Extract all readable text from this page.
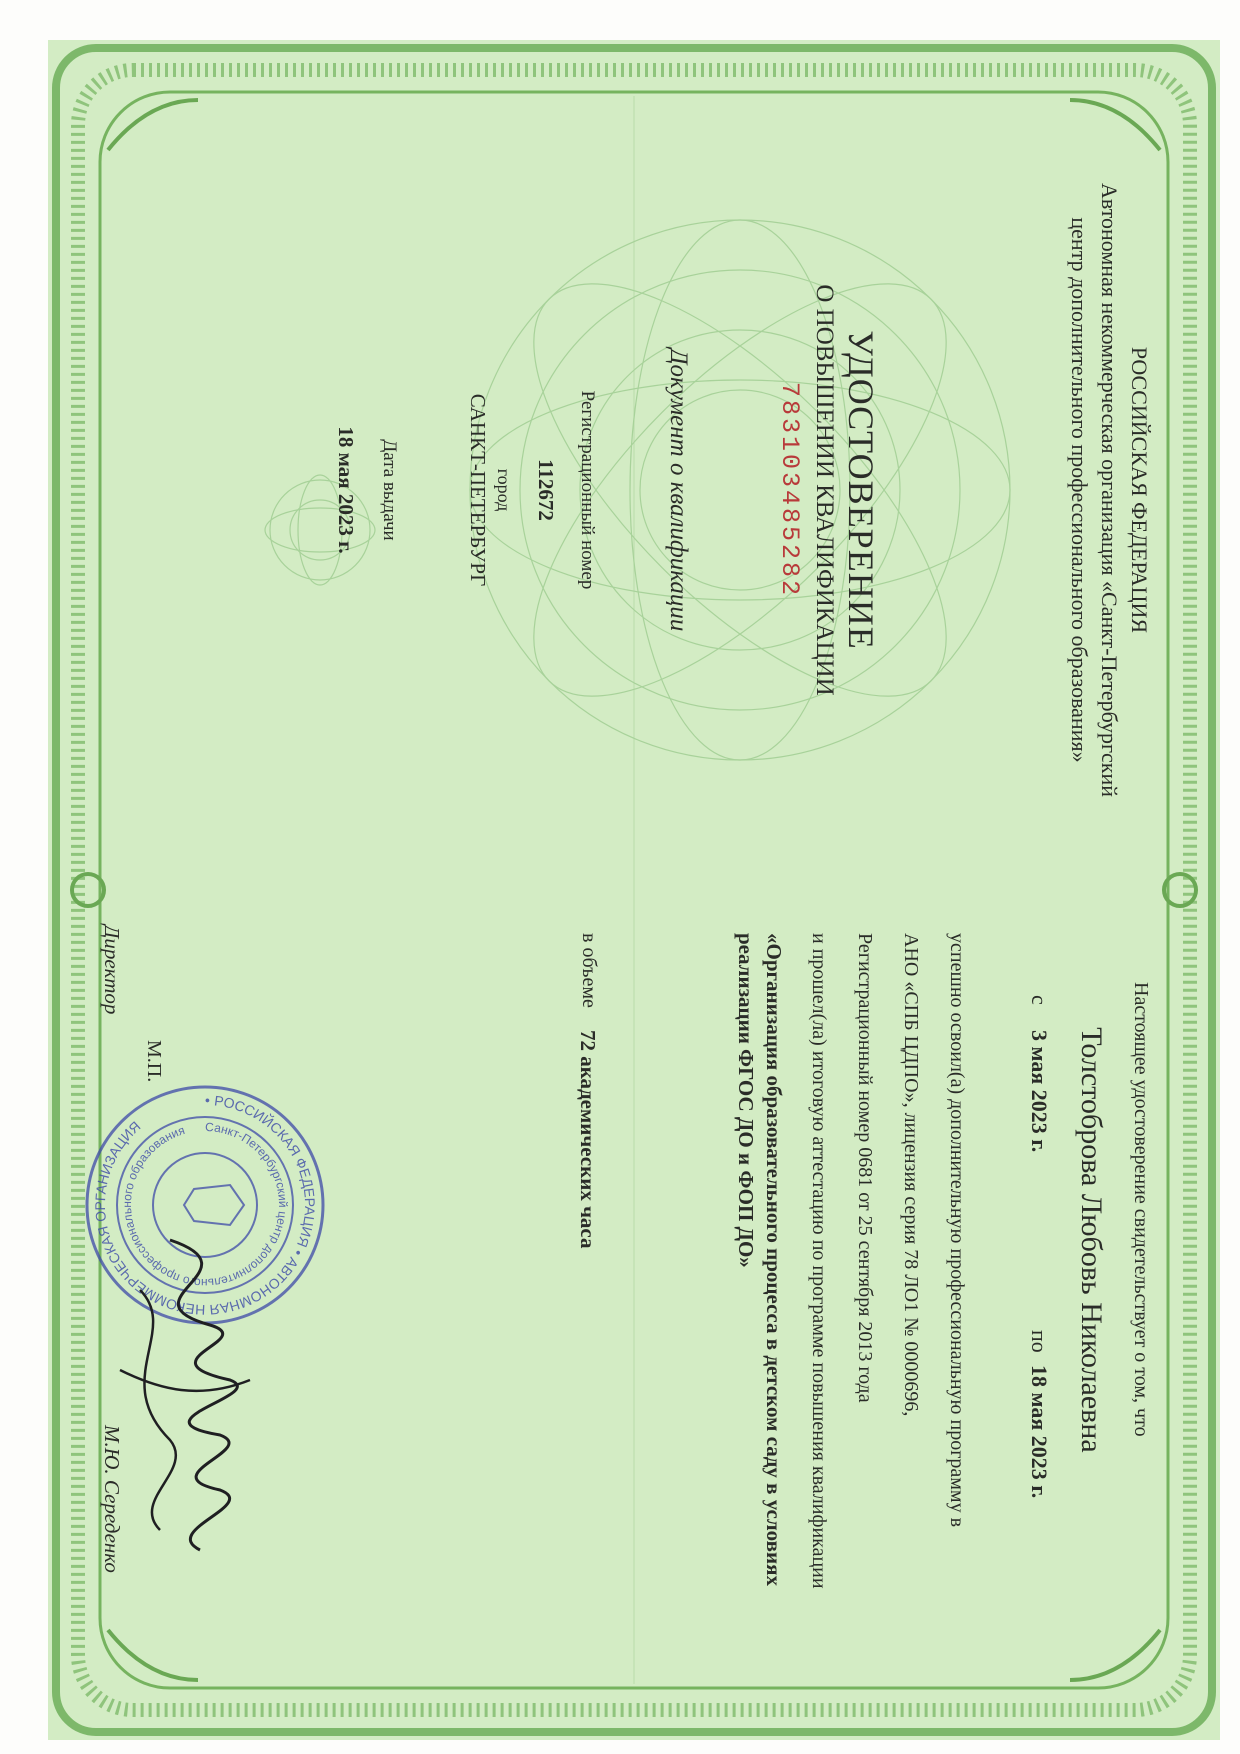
РОССИЙСКАЯ ФЕДЕРАЦИЯ
Автономная некоммерческая организация «Санкт-Петербургский
центр дополнительного профессионального образования»
УДОСТОВЕРЕНИЕ
О ПОВЫШЕНИИ КВАЛИФИКАЦИИ
783103485282
Документ о квалификации
Регистрационный номер
112672
город
САНКТ-ПЕТЕРБУРГ
Дата выдачи
18 мая 2023 г.
Настоящее удостоверение свидетельствует о том, что
Толстоброва Любовь Николаевна
с
3 мая 2023 г.
по
18 мая 2023 г.
успешно освоил(а) дополнительную профессиональную программу в
АНО «СПБ ЦДПО», лицензия серия 78 ЛО1 № 0000696,
Регистрационный номер 0681 от 25 сентября 2013 года
и прошел(ла) итоговую аттестацию по программе повышения квалификации
«Организация образовательного процесса в детском саду в условиях
реализации ФГОС ДО и ФОП ДО»
в объеме
72 академических часа
• РОССИЙСКАЯ ФЕДЕРАЦИЯ • АВТОНОМНАЯ НЕКОММЕРЧЕСКАЯ ОРГАНИЗАЦИЯ	Санкт-Петербургский центр дополнительного профессионального образования
Директор
М.П.
М.Ю. Середенко
